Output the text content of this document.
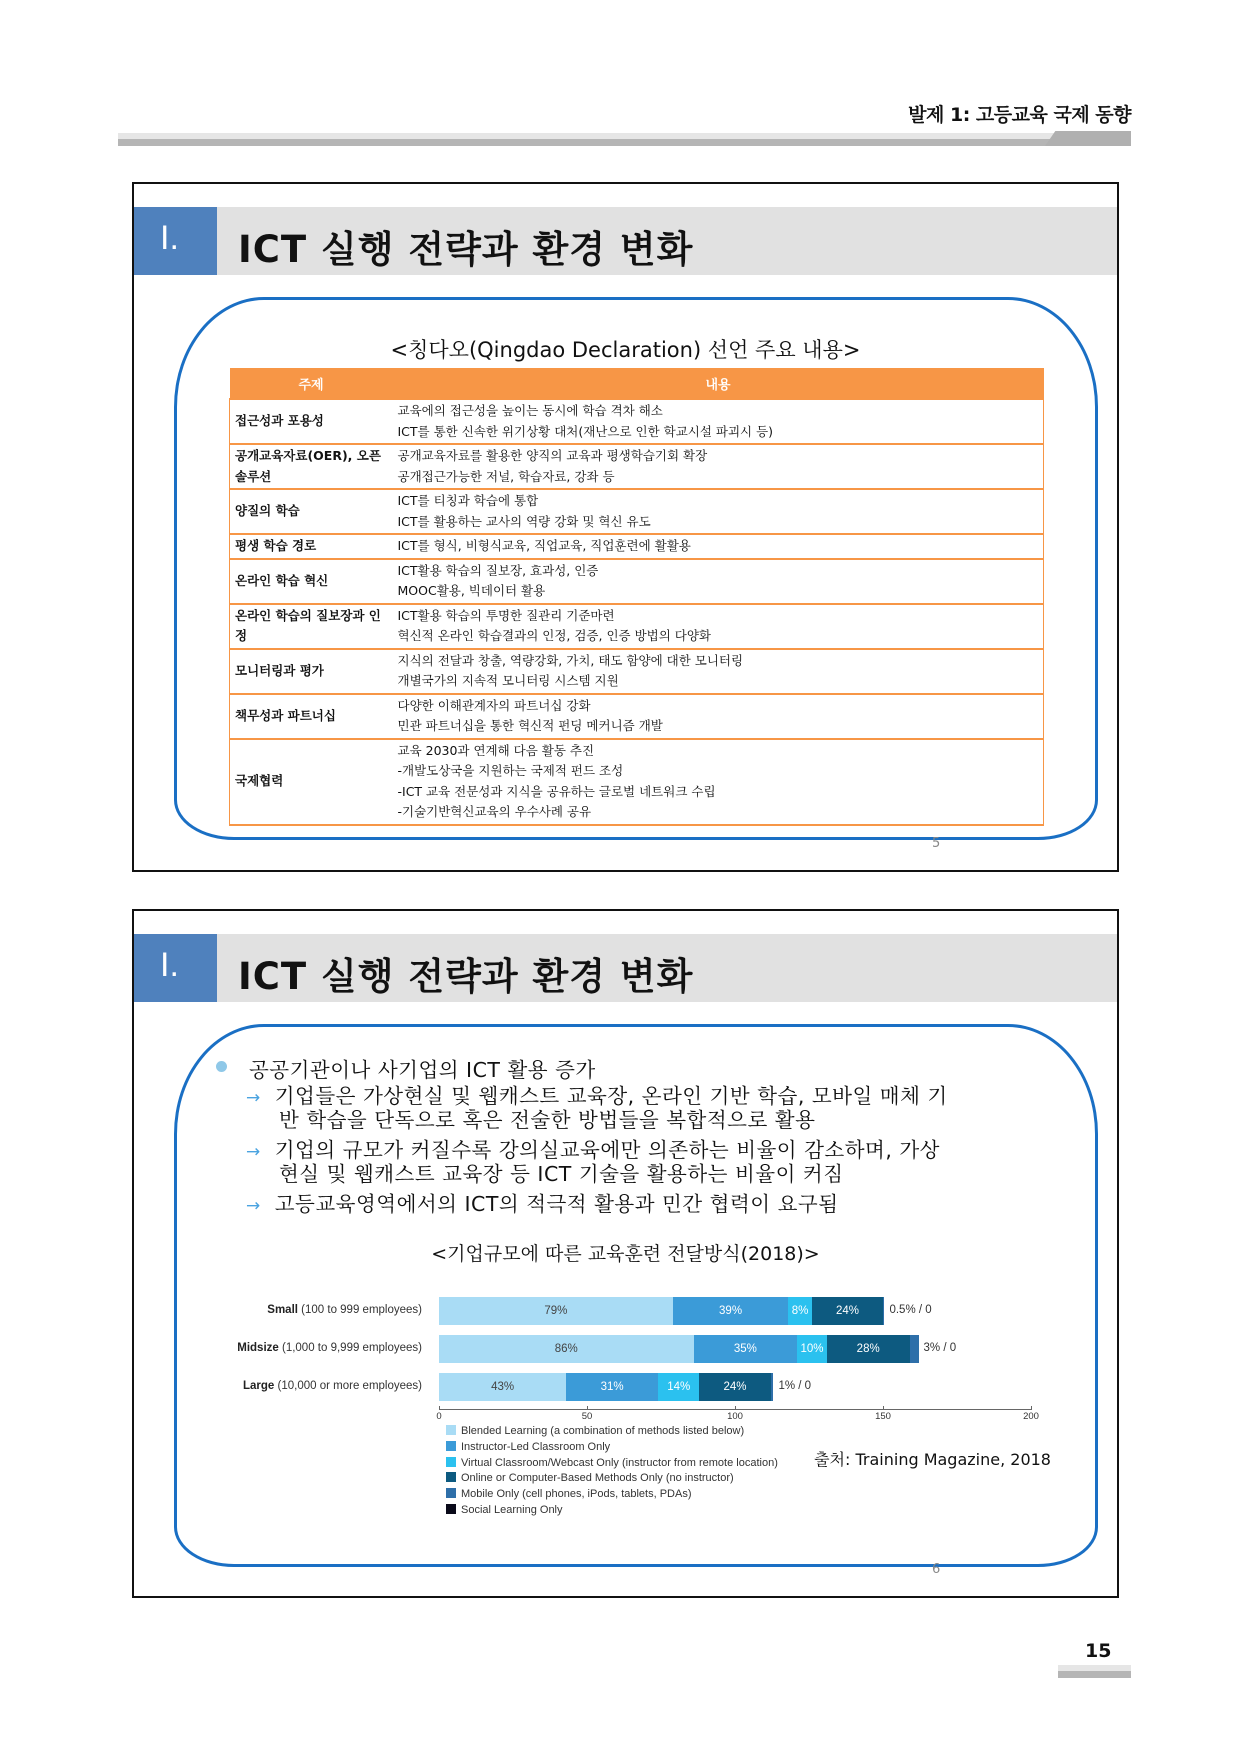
발제 1: 고등교육 국제 동향
I.	ICT 실행 전략과 환경 변화
<칭다오(Qingdao Declaration) 선언 주요 내용>
주제	내용
접근성과 포용성	교육에의 접근성을 높이는 동시에 학습 격차 해소
ICT를 통한 신속한 위기상황 대처(재난으로 인한 학교시설 파괴시 등)

공개교육자료(OER), 오픈 솔루션	공개교육자료를 활용한 양직의 교육과 평생학습기회 확장
공개접근가능한 저널, 학습자료, 강좌 등

양질의 학습	ICT를 티칭과 학습에 통합
ICT를 활용하는 교사의 역량 강화 및 혁신 유도

평생 학습 경로	ICT를 형식, 비형식교육, 직업교육, 직업훈련에 활활용

온라인 학습 혁신	ICT활용 학습의 질보장, 효과성, 인증
MOOC활용, 빅데이터 활용

온라인 학습의 질보장과 인정	ICT활용 학습의 투명한 질관리 기준마련
혁신적 온라인 학습결과의 인정, 검증, 인증 방법의 다양화

모니터링과 평가	지식의 전달과 창출, 역량강화, 가치, 태도 함양에 대한 모니터링
개별국가의 지속적 모니터링 시스템 지원

책무성과 파트너십	다양한 이해관계자의 파트너십 강화
민관 파트너십을 통한 혁신적 펀딩 메커니즘 개발

국제협력	교육 2030과 연계해 다음 활동 추진
-개발도상국을 지원하는 국제적 펀드 조성
-ICT 교육 전문성과 지식을 공유하는 글로벌 네트워크 수립
-기술기반혁신교육의 우수사례 공유
5
I.	ICT 실행 전략과 환경 변화
공공기관이나 사기업의 ICT 활용 증가
→ 기업들은 가상현실 및 웹캐스트 교육장, 온라인 기반 학습, 모바일 매체 기
반 학습을 단독으로 혹은 전술한 방법들을 복합적으로 활용
→ 기업의 규모가 커질수록 강의실교육에만 의존하는 비율이 감소하며, 가상
현실 및 웹캐스트 교육장 등 ICT 기술을 활용하는 비율이 커짐
→ 고등교육영역에서의 ICT의 적극적 활용과 민간 협력이 요구됨
<기업규모에 따른 교육훈련 전달방식(2018)>
출처: Training Magazine, 2018
6
Small (100 to 999 employees)	79%	39%	8% 24%	0.5% / 0
Midsize (1,000 to 9,999 employees)	86%	35%	10%	28%	3% / 0
Large (10,000 or more employees)	43%	31%	14%	24%	1% / 0
0	50	100	150	200
Blended Learning (a combination of methods listed below)
Instructor-Led Classroom Only
Virtual Classroom/Webcast Only (instructor from remote location)
Online or Computer-Based Methods Only (no instructor)
Mobile Only (cell phones, iPods, tablets, PDAs)
Social Learning Only
15
